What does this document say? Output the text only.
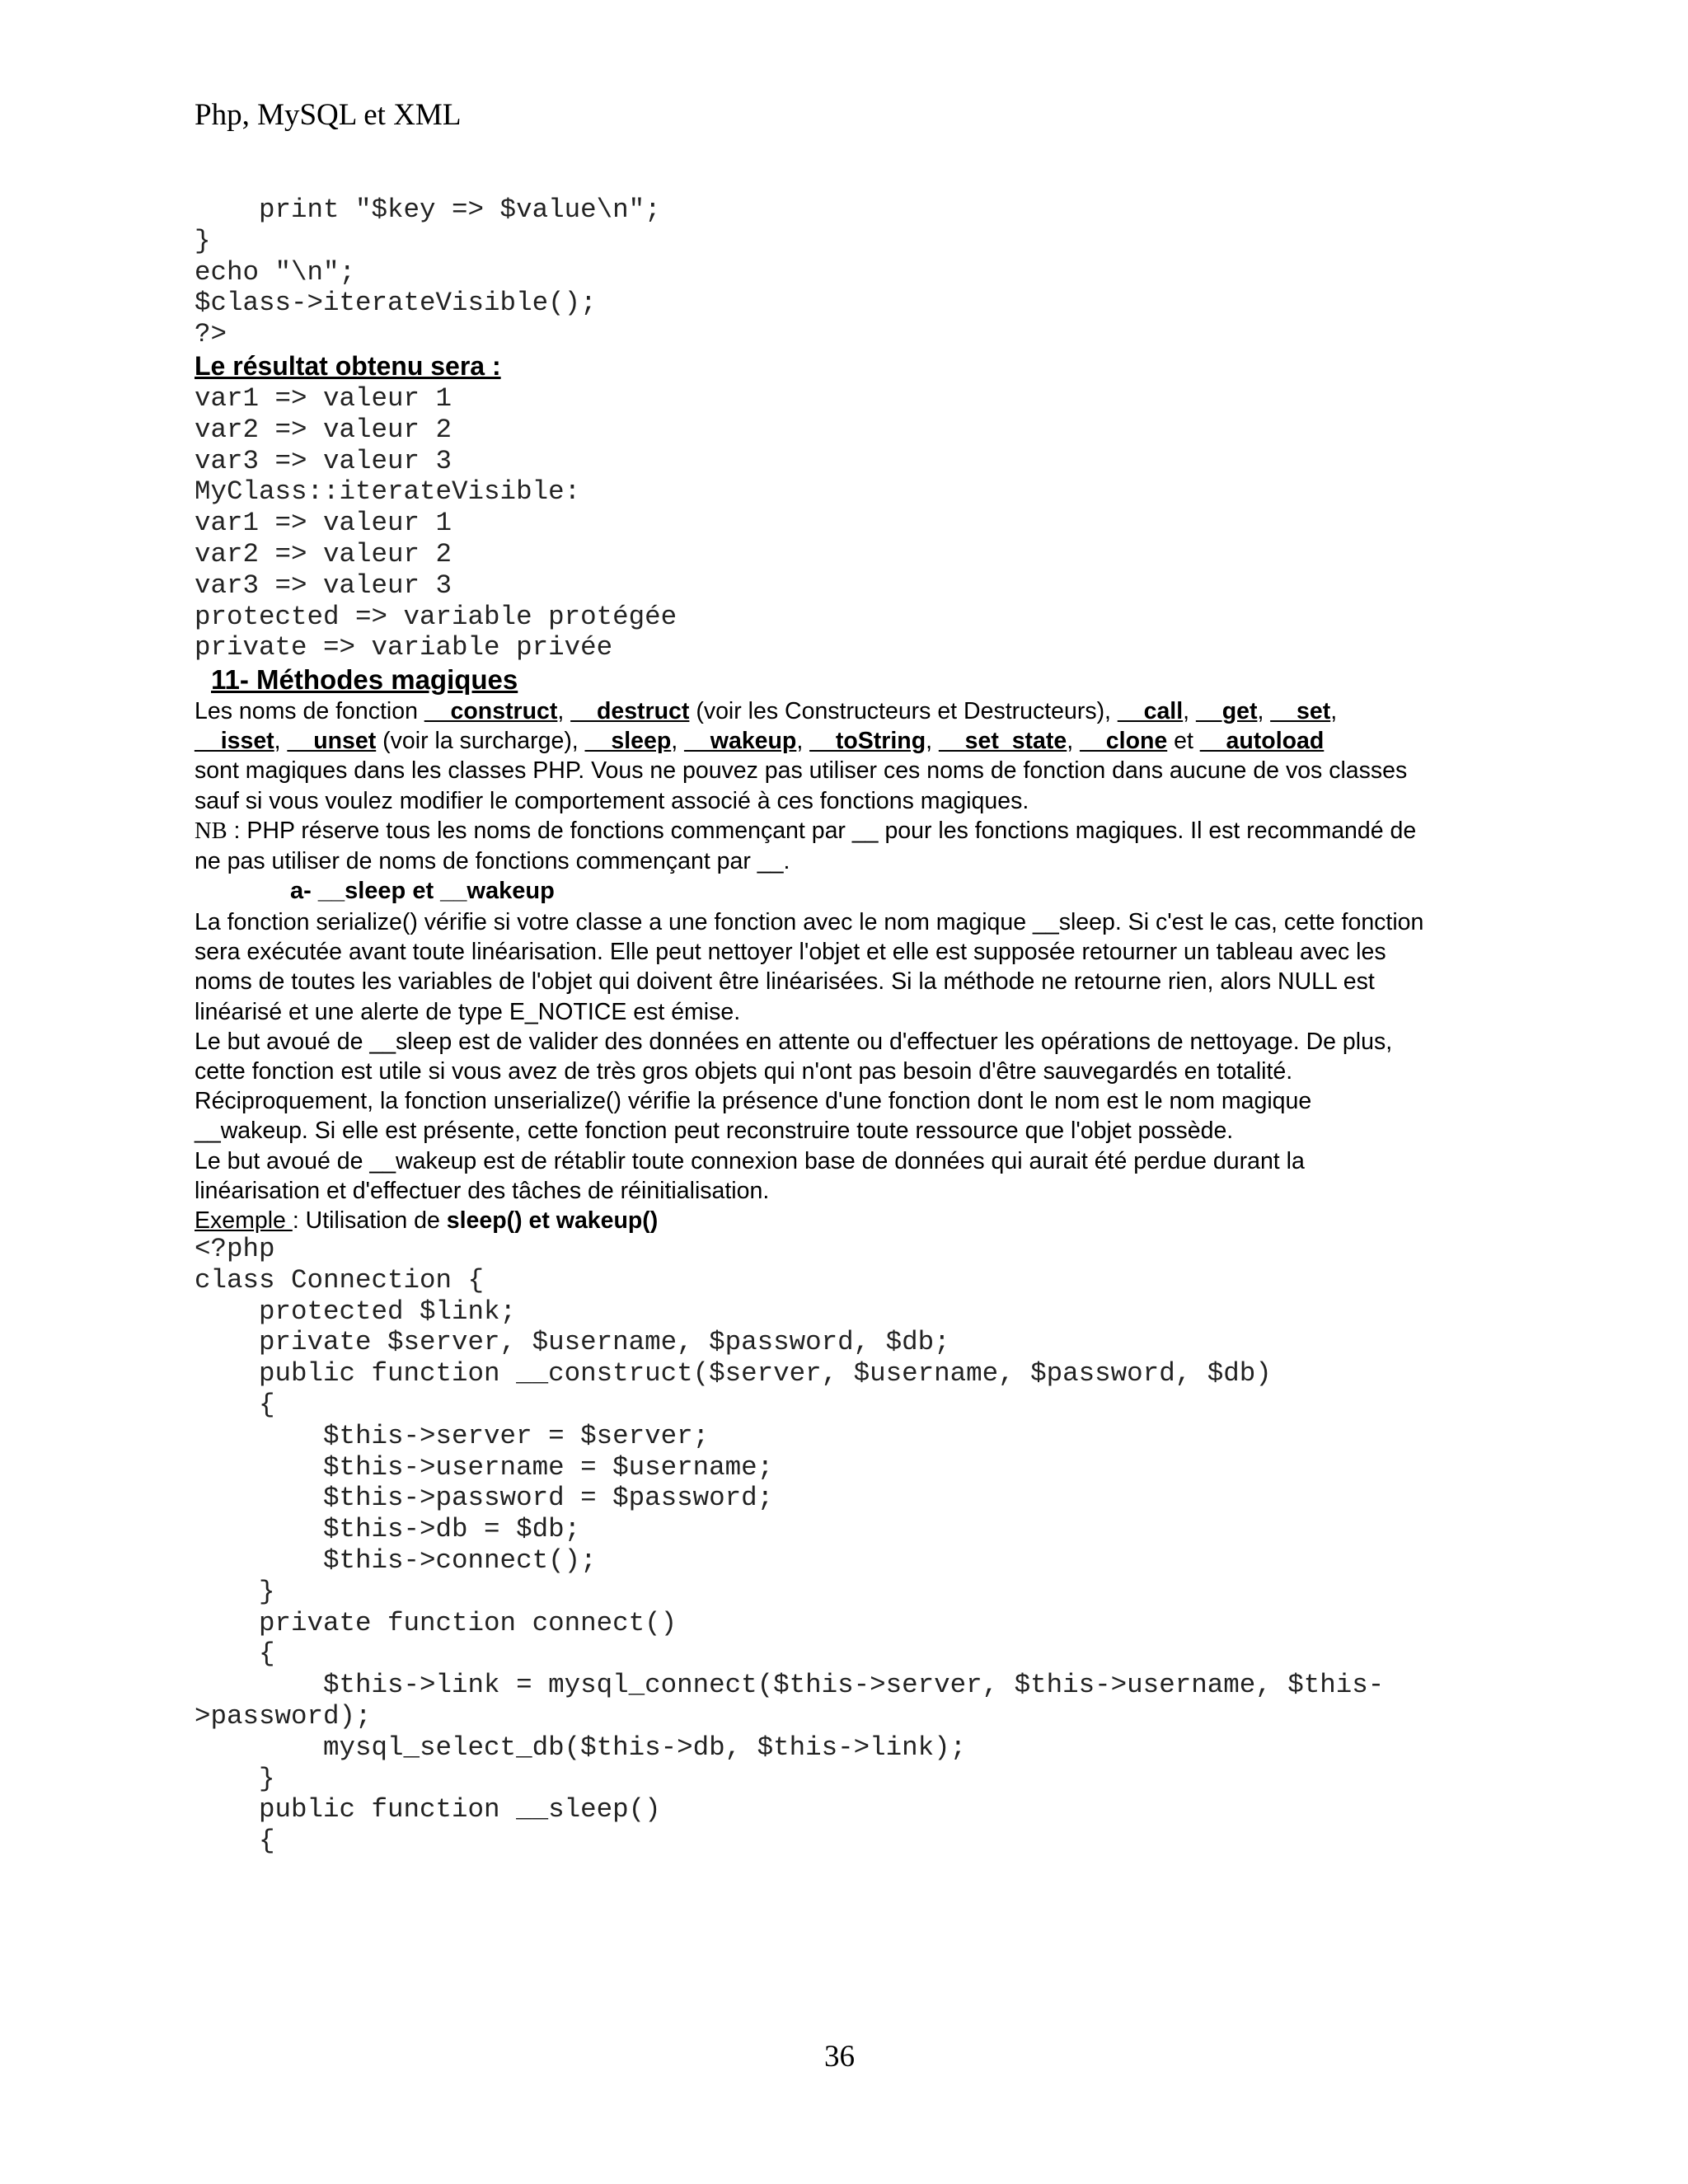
Php, MySQL et XML
print "$key => $value\n";
}
echo "\n";
$class->iterateVisible();
?>
Le résultat obtenu sera :
var1 => valeur 1
var2 => valeur 2
var3 => valeur 3
MyClass::iterateVisible:
var1 => valeur 1
var2 => valeur 2
var3 => valeur 3
protected => variable protégée
private => variable privée
11- Méthodes magiques
Les noms de fonction __construct, __destruct (voir les Constructeurs et Destructeurs), __call, __get, __set,
__isset, __unset (voir la surcharge), __sleep, __wakeup, __toString, __set_state, __clone et __autoload
sont magiques dans les classes PHP. Vous ne pouvez pas utiliser ces noms de fonction dans aucune de vos classes
sauf si vous voulez modifier le comportement associé à ces fonctions magiques.
NB : PHP réserve tous les noms de fonctions commençant par __ pour les fonctions magiques. Il est recommandé de
ne pas utiliser de noms de fonctions commençant par __.
a- __sleep et __wakeup
La fonction serialize() vérifie si votre classe a une fonction avec le nom magique __sleep. Si c'est le cas, cette fonction
sera exécutée avant toute linéarisation. Elle peut nettoyer l'objet et elle est supposée retourner un tableau avec les
noms de toutes les variables de l'objet qui doivent être linéarisées. Si la méthode ne retourne rien, alors NULL est
linéarisé et une alerte de type E_NOTICE est émise.
Le but avoué de __sleep est de valider des données en attente ou d'effectuer les opérations de nettoyage. De plus,
cette fonction est utile si vous avez de très gros objets qui n'ont pas besoin d'être sauvegardés en totalité.
Réciproquement, la fonction unserialize() vérifie la présence d'une fonction dont le nom est le nom magique
__wakeup. Si elle est présente, cette fonction peut reconstruire toute ressource que l'objet possède.
Le but avoué de __wakeup est de rétablir toute connexion base de données qui aurait été perdue durant la
linéarisation et d'effectuer des tâches de réinitialisation.
Exemple : Utilisation de sleep() et wakeup()
<?php
class Connection {
protected $link;
private $server, $username, $password, $db;
public function __construct($server, $username, $password, $db)
{
$this->server = $server;
$this->username = $username;
$this->password = $password;
$this->db = $db;
$this->connect();
}
private function connect()
{
$this->link = mysql_connect($this->server, $this->username, $this-
>password);
mysql_select_db($this->db, $this->link);
}
public function __sleep()
{
36
